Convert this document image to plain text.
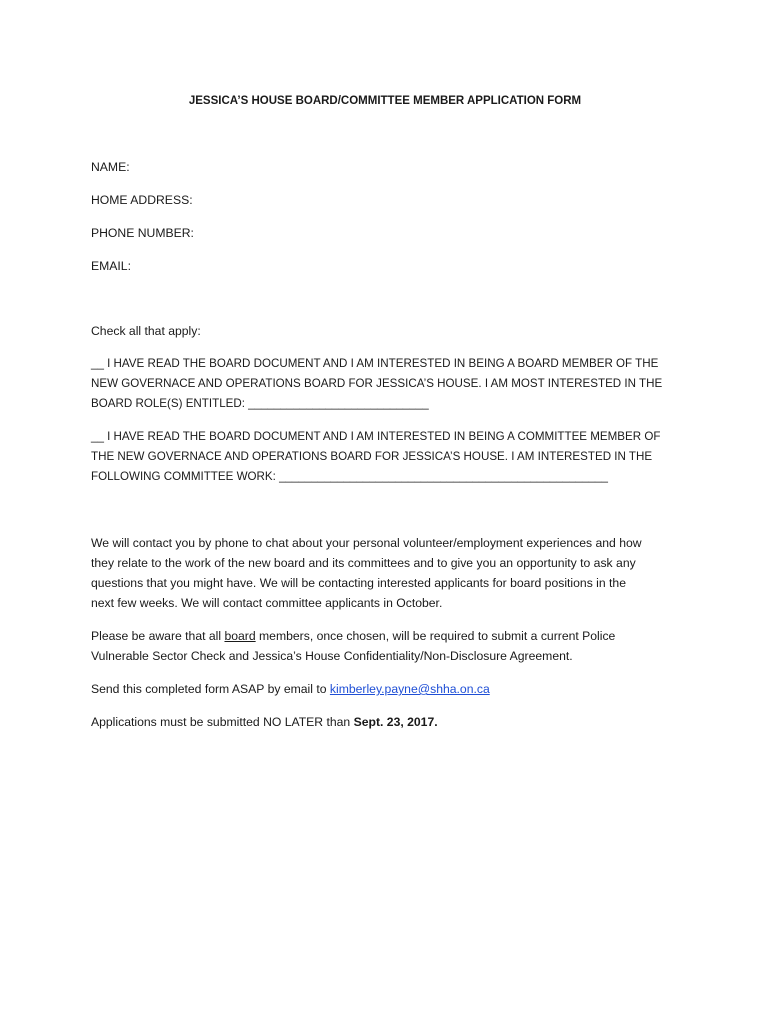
JESSICA’S HOUSE BOARD/COMMITTEE MEMBER APPLICATION FORM
NAME:
HOME ADDRESS:
PHONE NUMBER:
EMAIL:
Check all that apply:
__ I HAVE READ THE BOARD DOCUMENT AND I AM INTERESTED IN BEING A BOARD MEMBER OF THE
NEW GOVERNACE AND OPERATIONS BOARD FOR JESSICA’S HOUSE. I AM MOST INTERESTED IN THE
BOARD ROLE(S) ENTITLED: ____________________________
__ I HAVE READ THE BOARD DOCUMENT AND I AM INTERESTED IN BEING A COMMITTEE MEMBER OF
THE NEW GOVERNACE AND OPERATIONS BOARD FOR JESSICA’S HOUSE. I AM INTERESTED IN THE
FOLLOWING COMMITTEE WORK: ___________________________________________________
We will contact you by phone to chat about your personal volunteer/employment experiences and how
they relate to the work of the new board and its committees and to give you an opportunity to ask any
questions that you might have. We will be contacting interested applicants for board positions in the
next few weeks. We will contact committee applicants in October.
Please be aware that all board members, once chosen, will be required to submit a current Police
Vulnerable Sector Check and Jessica’s House Confidentiality/Non-Disclosure Agreement.
Send this completed form ASAP by email to kimberley.payne@shha.on.ca
Applications must be submitted NO LATER than Sept. 23, 2017.
